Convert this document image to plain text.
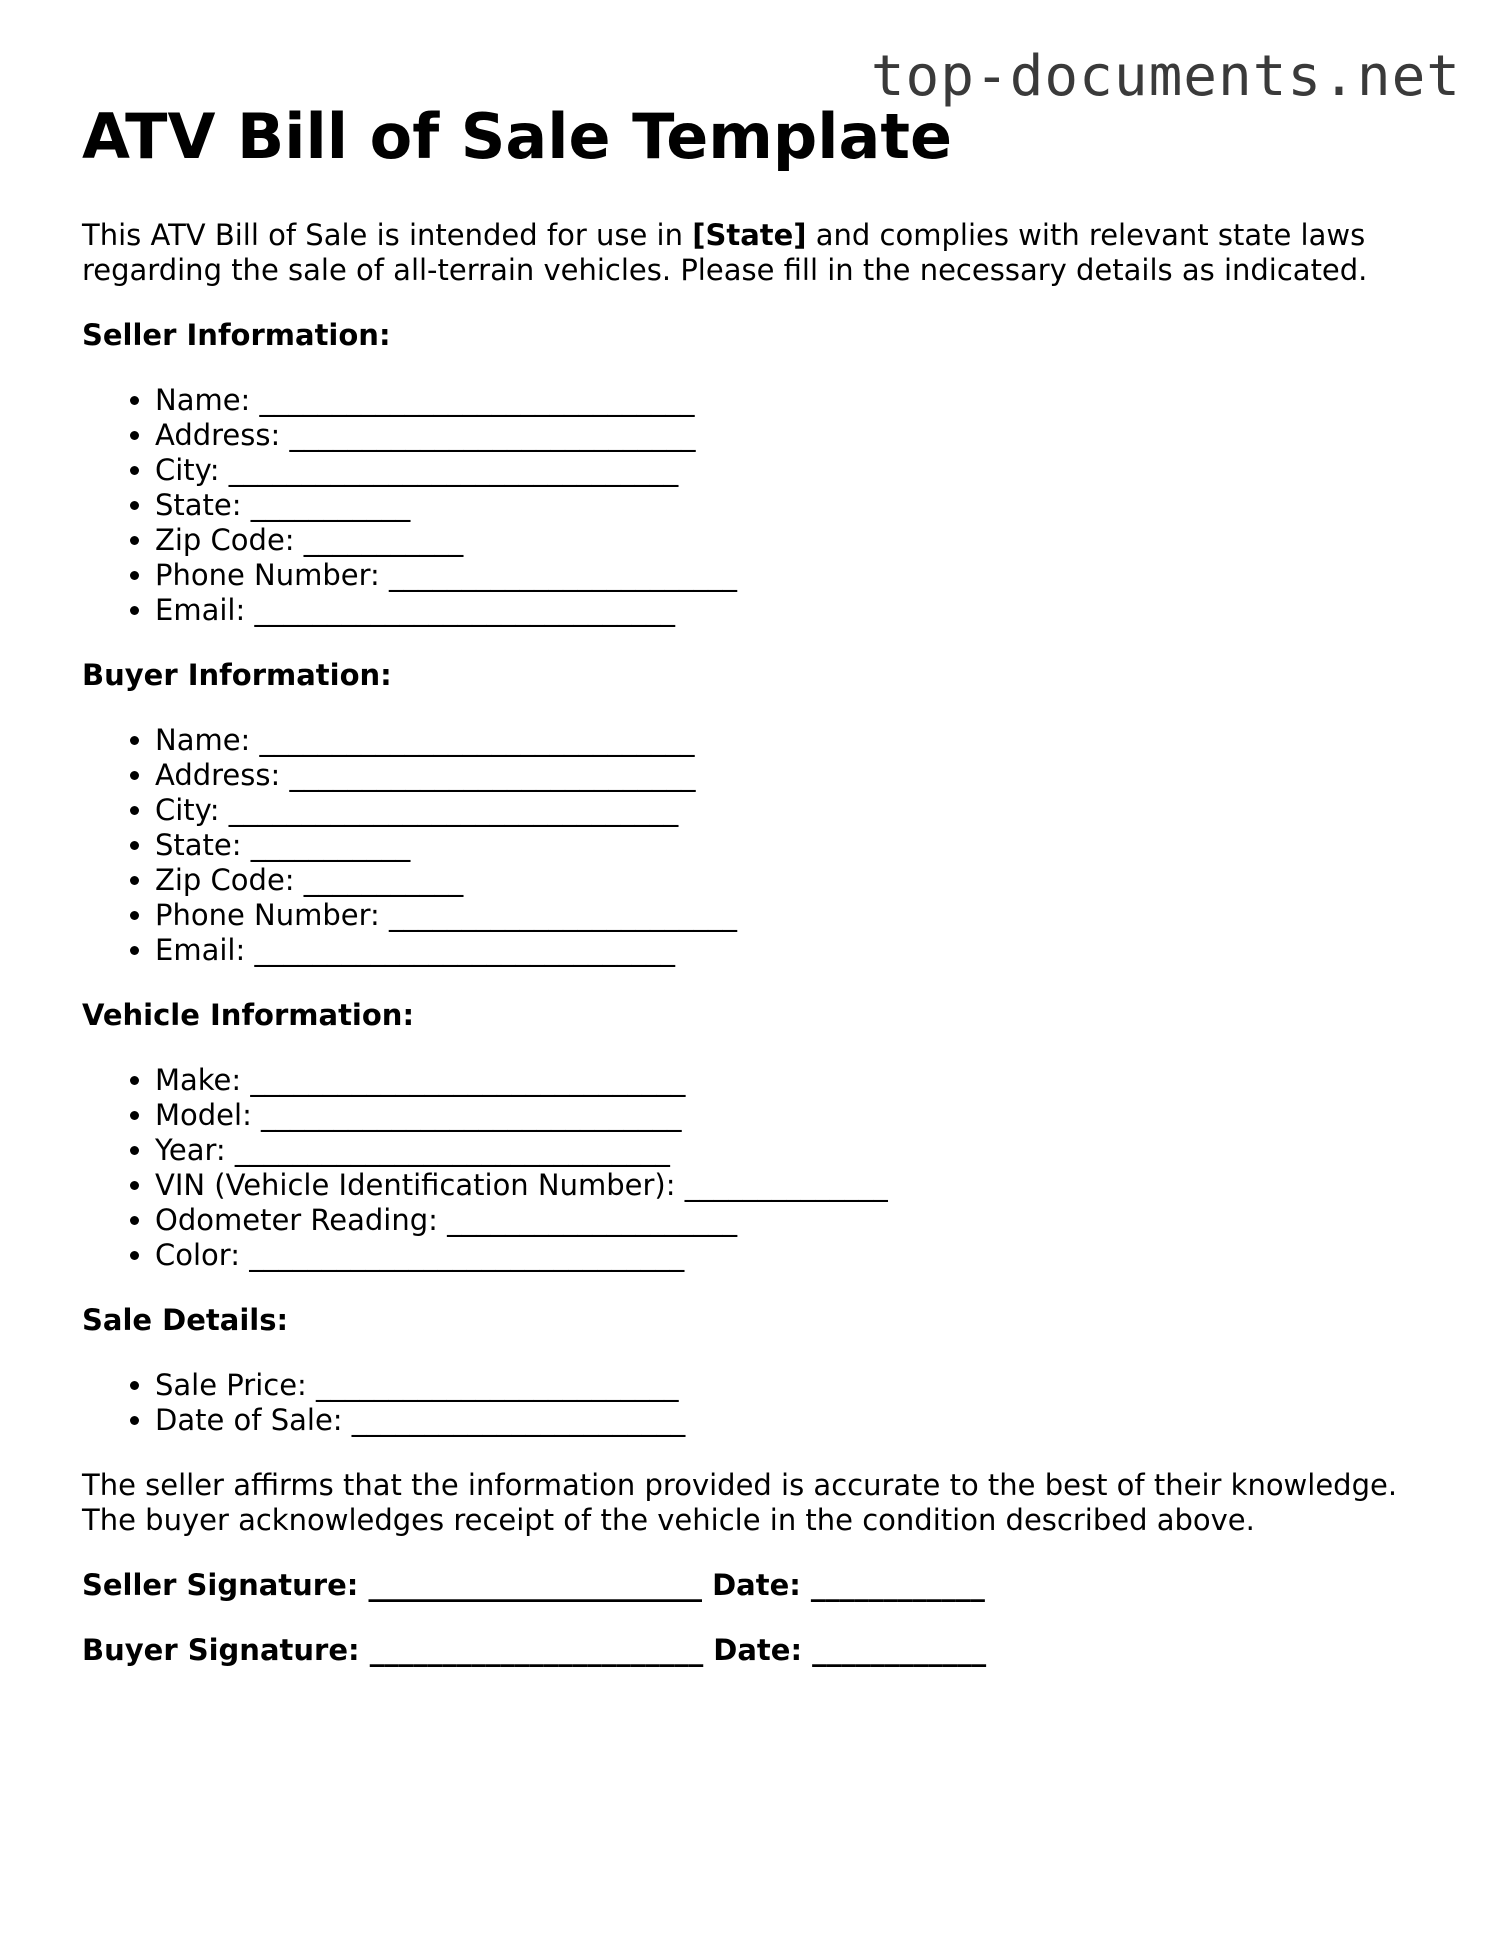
top-documents.net
ATV Bill of Sale Template

This ATV Bill of Sale is intended for use in [State] and complies with relevant state laws regarding the sale of all-terrain vehicles. Please fill in the necessary details as indicated.

Seller Information:
• Name: ______________________________
• Address: ____________________________
• City: _______________________________
• State: ___________
• Zip Code: ___________
• Phone Number: ________________________
• Email: _____________________________
Buyer Information:
• Name: ______________________________
• Address: ____________________________
• City: _______________________________
• State: ___________
• Zip Code: ___________
• Phone Number: ________________________
• Email: _____________________________
Vehicle Information:
• Make: ______________________________
• Model: _____________________________
• Year: ______________________________
• VIN (Vehicle Identification Number): ______________
• Odometer Reading: ____________________
• Color: ______________________________
Sale Details:
• Sale Price: _________________________
• Date of Sale: _______________________

The seller affirms that the information provided is accurate to the best of their knowledge. The buyer acknowledges receipt of the vehicle in the condition described above.

Seller Signature: _______________________ Date: ____________

Buyer Signature: _______________________ Date: ____________
